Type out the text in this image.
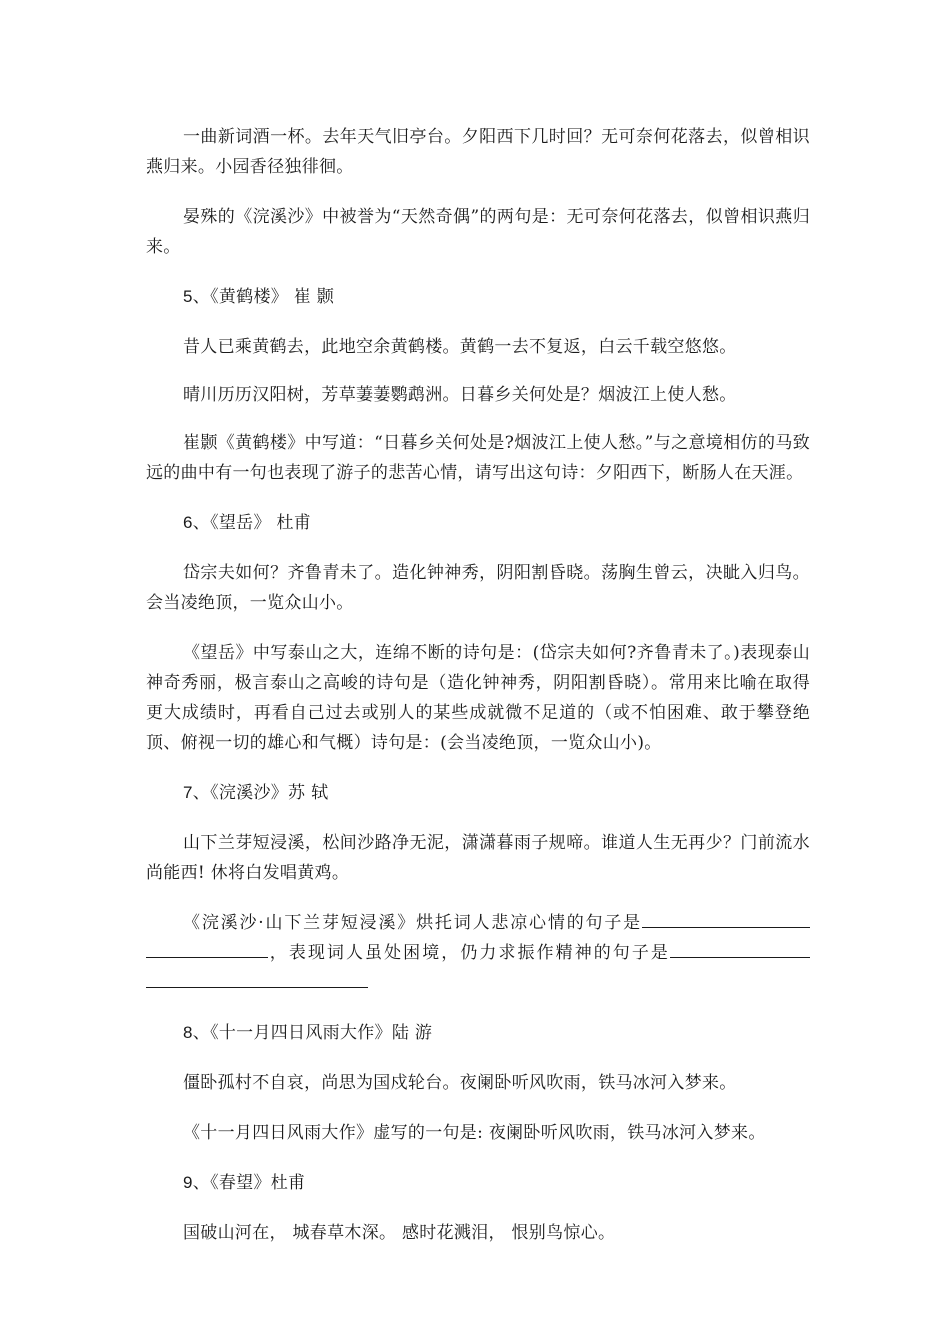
一曲新词酒一杯。去年天气旧亭台。夕阳西下几时回？无可奈何花落去，似曾相识燕归来。小园香径独徘徊。

晏殊的《浣溪沙》中被誉为“天然奇偶”的两句是：无可奈何花落去，似曾相识燕归来。

5、《黄鹤楼》 崔 颢

昔人已乘黄鹤去，此地空余黄鹤楼。黄鹤一去不复返，白云千载空悠悠。

晴川历历汉阳树，芳草萋萋鹦鹉洲。日暮乡关何处是？烟波江上使人愁。

崔颢《黄鹤楼》中写道：“日暮乡关何处是?烟波江上使人愁。”与之意境相仿的马致远的曲中有一句也表现了游子的悲苦心情，请写出这句诗：夕阳西下，断肠人在天涯。

6、《望岳》 杜甫

岱宗夫如何？齐鲁青未了。造化钟神秀，阴阳割昏晓。荡胸生曾云，决眦入归鸟。会当凌绝顶，一览众山小。

《望岳》中写泰山之大，连绵不断的诗句是：(岱宗夫如何?齐鲁青未了。)表现泰山神奇秀丽，极言泰山之高峻的诗句是（造化钟神秀，阴阳割昏晓）。常用来比喻在取得更大成绩时，再看自己过去或别人的某些成就微不足道的（或不怕困难、敢于攀登绝顶、俯视一切的雄心和气概）诗句是：(会当凌绝顶，一览众山小)。

7、《浣溪沙》苏 轼

山下兰芽短浸溪，松间沙路净无泥，潇潇暮雨子规啼。谁道人生无再少？门前流水尚能西! 休将白发唱黄鸡。

《浣溪沙·山下兰芽短浸溪》烘托词人悲凉心情的句子是，表现词人虽处困境，仍力求振作精神的句子是

8、《十一月四日风雨大作》陆 游

僵卧孤村不自哀，尚思为国戍轮台。夜阑卧听风吹雨，铁马冰河入梦来。

《十一月四日风雨大作》虚写的一句是: 夜阑卧听风吹雨，铁马冰河入梦来。

9、《春望》杜甫

国破山河在， 城春草木深。 感时花溅泪， 恨别鸟惊心。
